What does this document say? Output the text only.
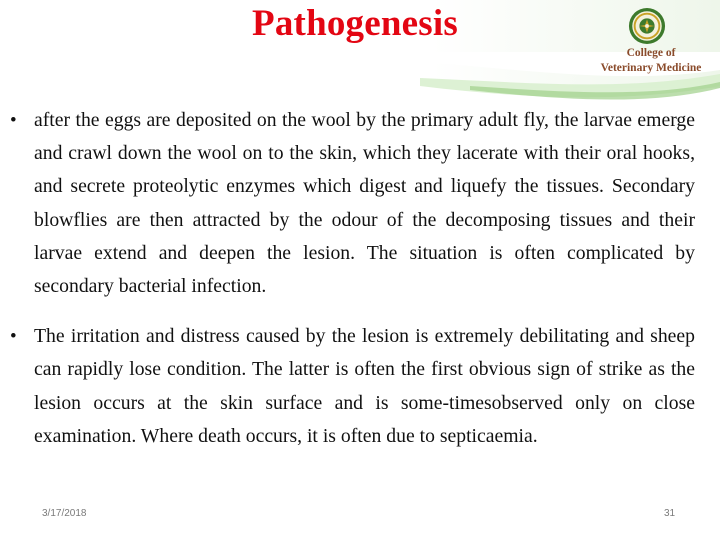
Pathogenesis
College of
Veterinary Medicine
• after the eggs are deposited on the wool by the primary adult fly, the larvae emerge and crawl down the wool on to the skin, which they lacerate with their oral hooks, and secrete proteolytic enzymes which digest and liquefy the tissues. Secondary blowflies are then attracted by the odour of the decomposing tissues and their larvae extend and deepen the lesion. The situation is often complicated by secondary bacterial infection.
• The irritation and distress caused by the lesion is extremely debilitating and sheep can rapidly lose condition. The latter is often the first obvious sign of strike as the lesion occurs at the skin surface and is some-timesobserved only on close examination. Where death occurs, it is often due to septicaemia.
3/17/2018	31
